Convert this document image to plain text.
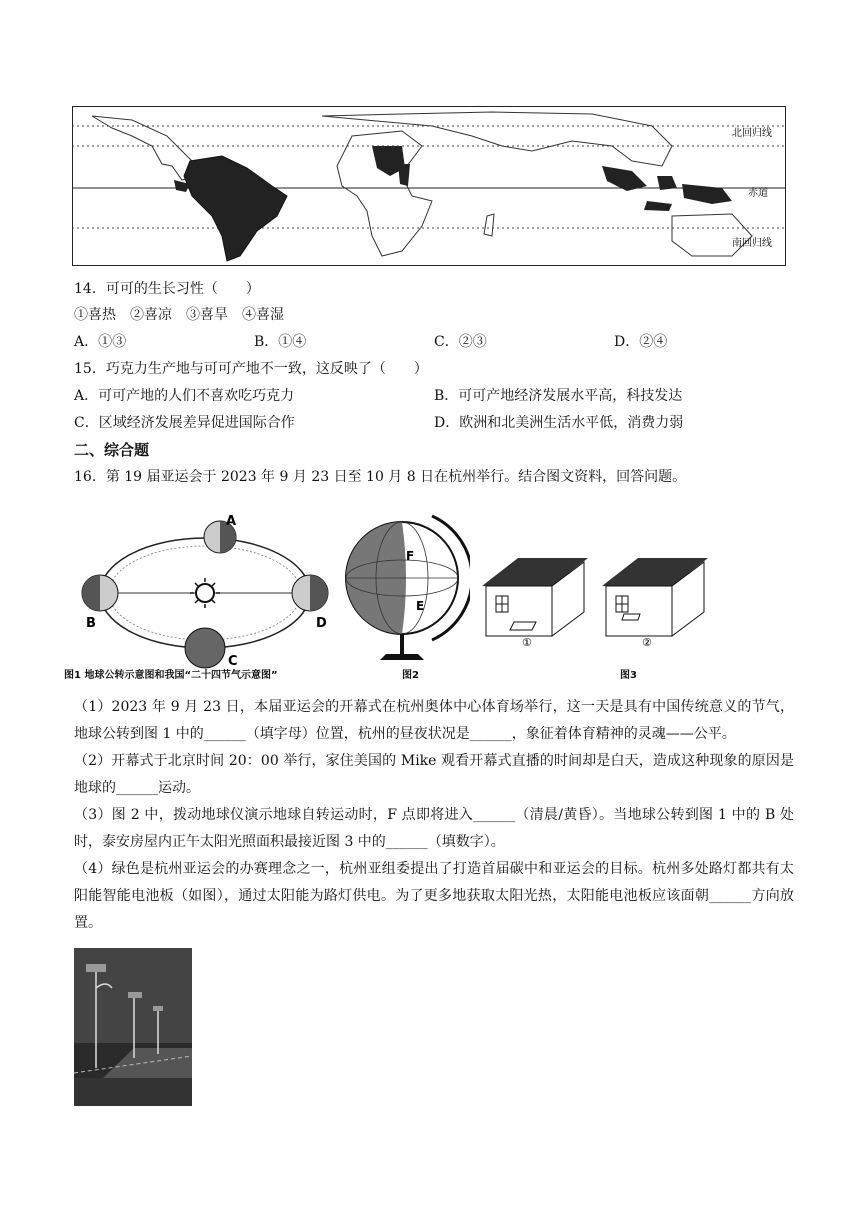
北回归线
赤道
南回归线
14．可可的生长习性（　　）
①喜热　②喜凉　③喜旱　④喜湿
A．①③	B．①④	C．②③	D．②④
15．巧克力生产地与可可产地不一致，这反映了（　　）
A．可可产地的人们不喜欢吃巧克力	B．可可产地经济发展水平高，科技发达
C．区域经济发展差异促进国际合作	D．欧洲和北美洲生活水平低，消费力弱
二、综合题
16．第 19 届亚运会于 2023 年 9 月 23 日至 10 月 8 日在杭州举行。结合图文资料，回答问题。
A
B
C
D
图1 地球公转示意图和我国“二十四节气示意图”
F
E
图2
①	②
图3
（1）2023 年 9 月 23 日，本届亚运会的开幕式在杭州奥体中心体育场举行，这一天是具有中国传统意义的节气，地球公转到图 1 中的______（填字母）位置，杭州的昼夜状况是______，象征着体育精神的灵魂——公平。
（2）开幕式于北京时间 20：00 举行，家住美国的 Mike 观看开幕式直播的时间却是白天，造成这种现象的原因是地球的______运动。
（3）图 2 中，拨动地球仪演示地球自转运动时，F 点即将进入______（清晨/黄昏）。当地球公转到图 1 中的 B 处时，泰安房屋内正午太阳光照面积最接近图 3 中的______（填数字）。
（4）绿色是杭州亚运会的办赛理念之一，杭州亚组委提出了打造首届碳中和亚运会的目标。杭州多处路灯都共有太阳能智能电池板（如图），通过太阳能为路灯供电。为了更多地获取太阳光热，太阳能电池板应该面朝______方向放置。
